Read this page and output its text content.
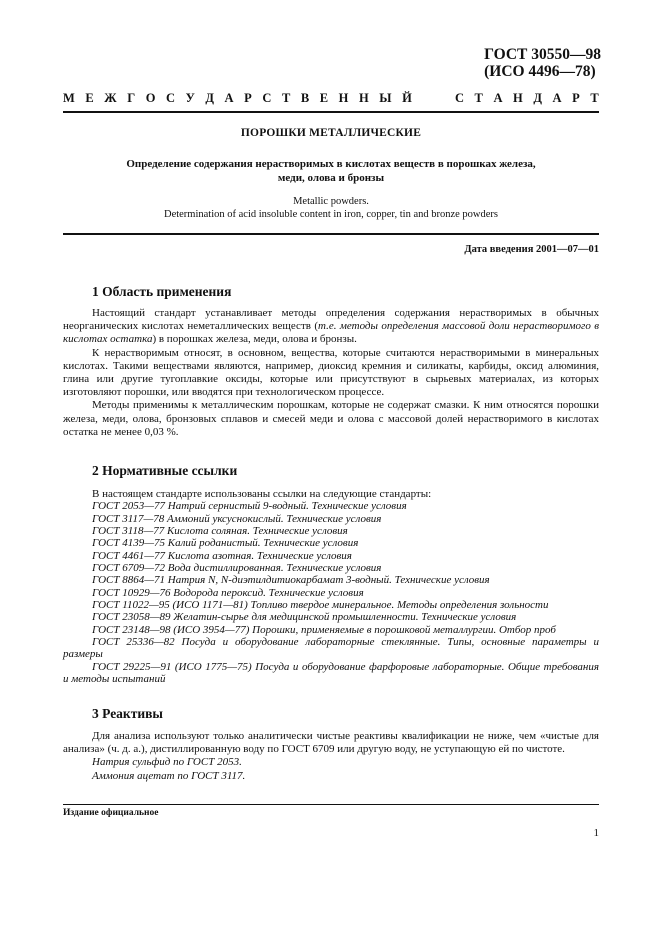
ГОСТ 30550—98
(ИСО 4496—78)
М Е Ж Г О С У Д А Р С Т В Е Н Н Ы Й	С Т А Н Д А Р Т
ПОРОШКИ МЕТАЛЛИЧЕСКИЕ
Определение содержания нерастворимых в кислотах веществ в порошках железа,
меди, олова и бронзы
Metallic powders.
Determination of acid insoluble content in iron, copper, tin and bronze powders
Дата введения 2001—07—01
1 Область применения

Настоящий стандарт устанавливает методы определения содержания нерастворимых в обычных неорганических кислотах неметаллических веществ (т.е. методы определения массовой доли нерастворимого в кислотах остатка) в порошках железа, меди, олова и бронзы.

К нерастворимым относят, в основном, вещества, которые считаются нерастворимыми в минеральных кислотах. Такими веществами являются, например, диоксид кремния и силикаты, карбиды, оксид алюминия, глина или другие тугоплавкие оксиды, которые или присутствуют в сырьевых материалах, из которых изготовляют порошки, или вводятся при технологическом процессе.

Методы применимы к металлическим порошкам, которые не содержат смазки. К ним относятся порошки железа, меди, олова, бронзовых сплавов и смесей меди и олова с массовой долей нерастворимого в кислотах остатка не менее 0,03 %.

2 Нормативные ссылки
В настоящем стандарте использованы ссылки на следующие стандарты:
ГОСТ 2053—77 Натрий сернистый 9-водный. Технические условия
ГОСТ 3117—78 Аммоний уксуснокислый. Технические условия
ГОСТ 3118—77 Кислота соляная. Технические условия
ГОСТ 4139—75 Калий роданистый. Технические условия
ГОСТ 4461—77 Кислота азотная. Технические условия
ГОСТ 6709—72 Вода дистиллированная. Технические условия
ГОСТ 8864—71 Натрия N, N-диэтилдитиокарбамат 3-водный. Технические условия
ГОСТ 10929—76 Водорода пероксид. Технические условия
ГОСТ 11022—95 (ИСО 1171—81) Топливо твердое минеральное. Методы определения зольности
ГОСТ 23058—89 Желатин-сырье для медицинской промышленности. Технические условия
ГОСТ 23148—98 (ИСО 3954—77) Порошки, применяемые в порошковой металлургии. Отбор проб
ГОСТ 25336—82 Посуда и оборудование лабораторные стеклянные. Типы, основные параметры и размеры
ГОСТ 29225—91 (ИСО 1775—75) Посуда и оборудование фарфоровые лабораторные. Общие требования и методы испытаний
3 Реактивы

Для анализа используют только аналитически чистые реактивы квалификации не ниже, чем «чистые для анализа» (ч. д. а.), дистиллированную воду по ГОСТ 6709 или другую воду, не уступающую ей по чистоте.

Натрия сульфид по ГОСТ 2053.

Аммония ацетат по ГОСТ 3117.

Издание официальное
1
